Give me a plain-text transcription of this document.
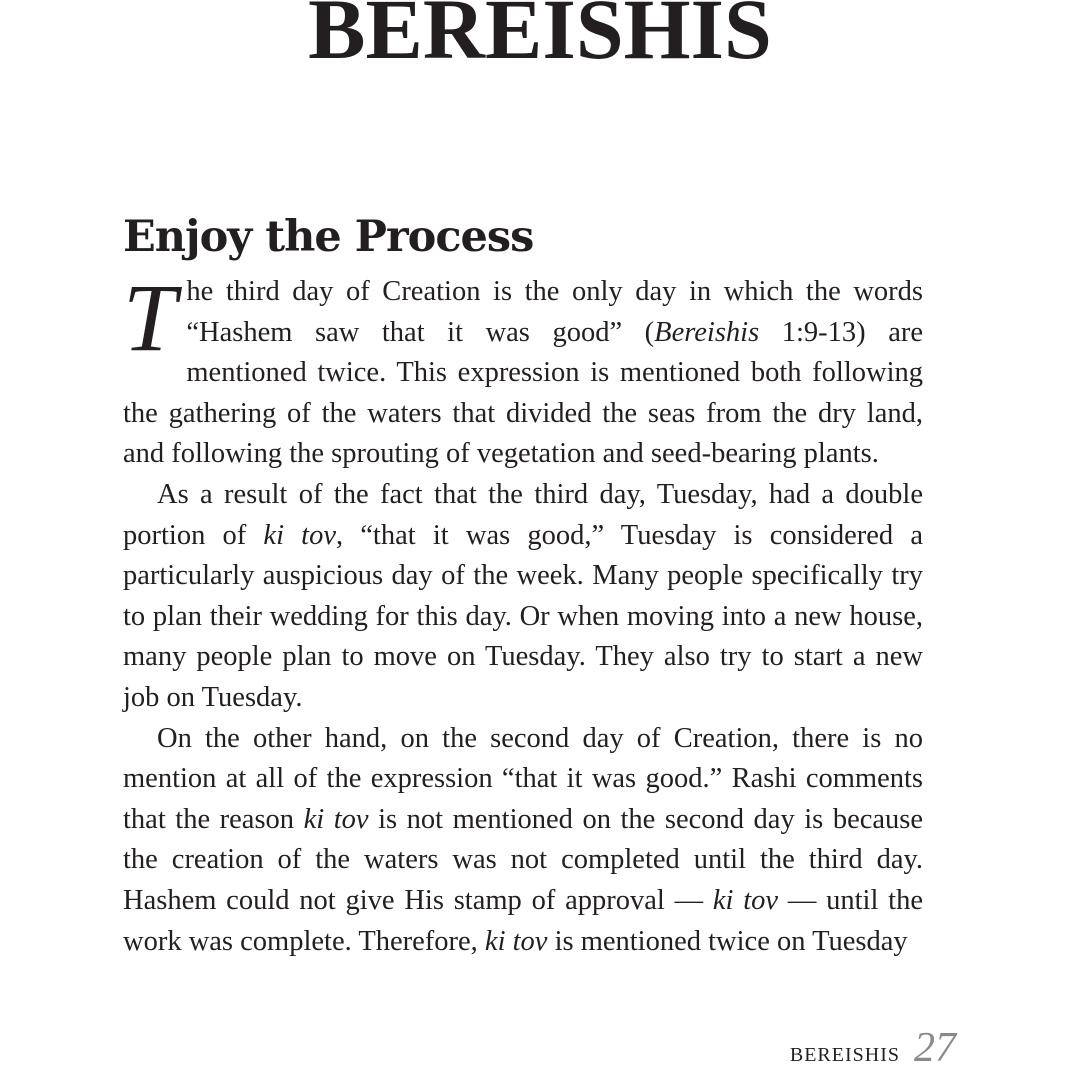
BEREISHIS
Enjoy the Process

The third day of Creation is the only day in which the words “Hashem saw that it was good” (Bereishis 1:9-13) are mentioned twice. This expression is mentioned both following the gathering of the waters that divided the seas from the dry land, and following the sprouting of vegetation and seed-bearing plants.

As a result of the fact that the third day, Tuesday, had a double portion of ki tov, “that it was good,” Tuesday is considered a particularly auspicious day of the week. Many people specifically try to plan their wedding for this day. Or when moving into a new house, many people plan to move on Tuesday. They also try to start a new job on Tuesday.

On the other hand, on the second day of Creation, there is no mention at all of the expression “that it was good.” Rashi comments that the reason ki tov is not mentioned on the second day is because the creation of the waters was not completed until the third day. Hashem could not give His stamp of approval — ki tov — until the work was complete. Therefore, ki tov is mentioned twice on Tuesday

BEREISHIS 27
